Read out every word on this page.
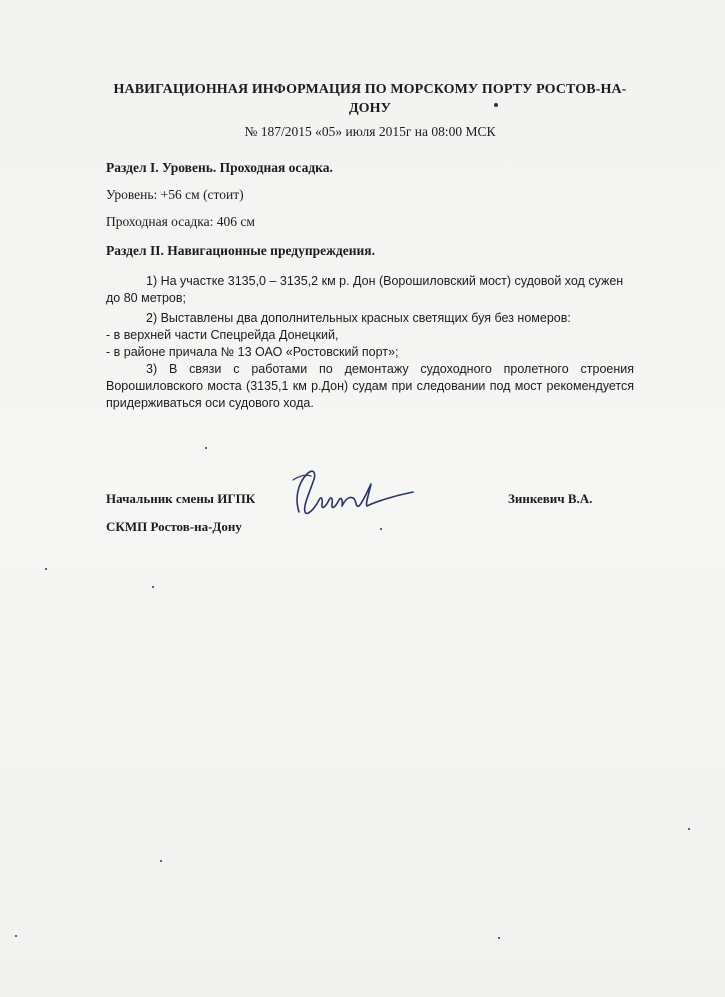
НАВИГАЦИОННАЯ ИНФОРМАЦИЯ ПО МОРСКОМУ ПОРТУ РОСТОВ-НА-ДОНУ
№ 187/2015 «05» июля 2015г на 08:00 МСК
Раздел I. Уровень. Проходная осадка.
Уровень: +56 см (стоит)
Проходная осадка: 406 см
Раздел II. Навигационные предупреждения.

1) На участке 3135,0 – 3135,2 км р. Дон (Ворошиловский мост) судовой ход сужен до 80 метров;

2) Выставлены два дополнительных красных светящих буя без номеров:

- в верхней части Спецрейда Донецкий,

- в районе причала № 13 ОАО «Ростовский порт»;

3) В связи с работами по демонтажу судоходного пролетного строения Ворошиловского моста (3135,1 км р.Дон) судам при следовании под мост рекомендуется придерживаться оси судового хода.

Начальник смены ИГПК
СКМП Ростов-на-Дону
Зинкевич В.А.
